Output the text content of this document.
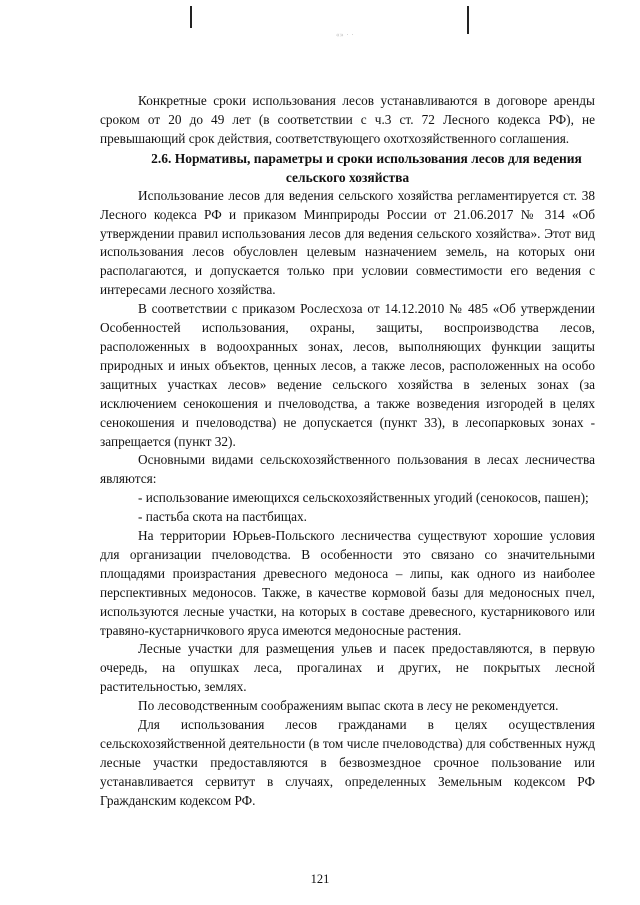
«» · ·

Конкретные сроки использования лесов устанавливаются в договоре аренды сроком от 20 до 49 лет (в соответствии с ч.3 ст. 72 Лесного кодекса РФ), не превышающий срок действия, соответствующего охотхозяйственного соглашения.

2.6. Нормативы, параметры и сроки использования лесов для ведения сельского хозяйства

Использование лесов для ведения сельского хозяйства регламентируется ст. 38 Лесного кодекса РФ и приказом Минприроды России от 21.06.2017 № 314 «Об утверждении правил использования лесов для ведения сельского хозяйства». Этот вид использования лесов обусловлен целевым назначением земель, на которых они располагаются, и допускается только при условии совместимости его ведения с интересами лесного хозяйства.

В соответствии с приказом Рослесхоза от 14.12.2010 № 485 «Об утверждении Особенностей использования, охраны, защиты, воспроизводства лесов, расположенных в водоохранных зонах, лесов, выполняющих функции защиты природных и иных объектов, ценных лесов, а также лесов, расположенных на особо защитных участках лесов» ведение сельского хозяйства в зеленых зонах (за исключением сенокошения и пчеловодства, а также возведения изгородей в целях сенокошения и пчеловодства) не допускается (пункт 33), в лесопарковых зонах - запрещается (пункт 32).

Основными видами сельскохозяйственного пользования в лесах лесничества являются:

- использование имеющихся сельскохозяйственных угодий (сенокосов, пашен);

- пастьба скота на пастбищах.

На территории Юрьев-Польского лесничества существуют хорошие условия для организации пчеловодства. В особенности это связано со значительными площадями произрастания древесного медоноса – липы, как одного из наиболее перспективных медоносов. Также, в качестве кормовой базы для медоносных пчел, используются лесные участки, на которых в составе древесного, кустарникового или травяно-кустарничкового яруса имеются медоносные растения.

Лесные участки для размещения ульев и пасек предоставляются, в первую очередь, на опушках леса, прогалинах и других, не покрытых лесной растительностью, землях.

По лесоводственным соображениям выпас скота в лесу не рекомендуется.

Для использования лесов гражданами в целях осуществления сельскохозяйственной деятельности (в том числе пчеловодства) для собственных нужд лесные участки предоставляются в безвозмездное срочное пользование или устанавливается сервитут в случаях, определенных Земельным кодексом РФ Гражданским кодексом РФ.

121
